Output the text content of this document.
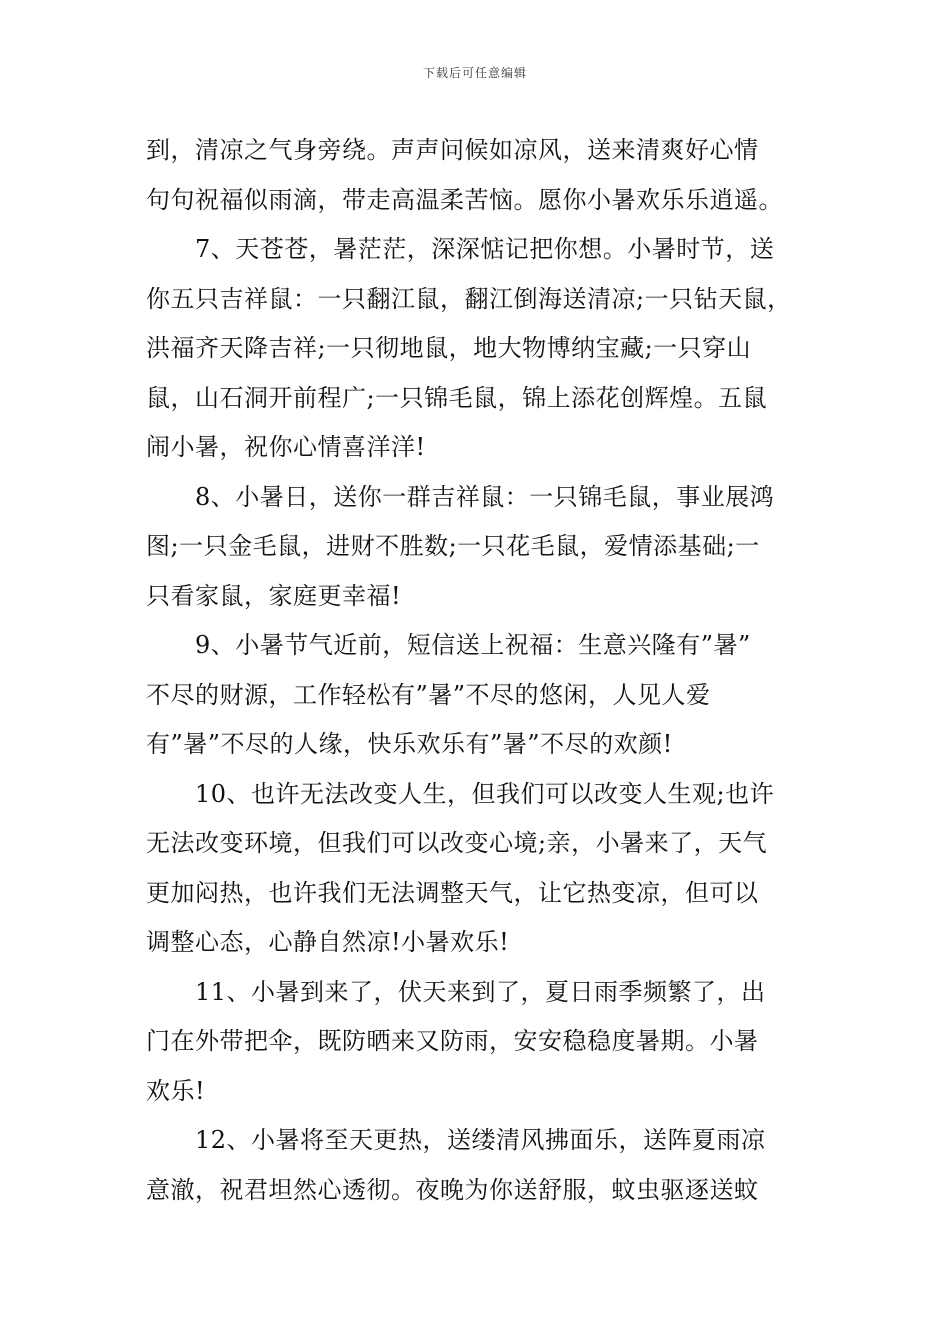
下载后可任意编辑
到，清凉之气身旁绕。声声问候如凉风，送来清爽好心情
句句祝福似雨滴，带走高温柔苦恼。愿你小暑欢乐乐逍遥。
　　7、天苍苍，暑茫茫，深深惦记把你想。小暑时节，送
你五只吉祥鼠：一只翻江鼠，翻江倒海送清凉;一只钻天鼠，
洪福齐天降吉祥;一只彻地鼠，地大物博纳宝藏;一只穿山
鼠，山石洞开前程广;一只锦毛鼠，锦上添花创辉煌。五鼠
闹小暑，祝你心情喜洋洋!
　　8、小暑日，送你一群吉祥鼠：一只锦毛鼠，事业展鸿
图;一只金毛鼠，进财不胜数;一只花毛鼠，爱情添基础;一
只看家鼠，家庭更幸福!
　　9、小暑节气近前，短信送上祝福：生意兴隆有”暑”
不尽的财源，工作轻松有”暑”不尽的悠闲，人见人爱
有”暑”不尽的人缘，快乐欢乐有”暑”不尽的欢颜!
　　10、也许无法改变人生，但我们可以改变人生观;也许
无法改变环境，但我们可以改变心境;亲，小暑来了，天气
更加闷热，也许我们无法调整天气，让它热变凉，但可以
调整心态，心静自然凉!小暑欢乐!
　　11、小暑到来了，伏天来到了，夏日雨季频繁了，出
门在外带把伞，既防晒来又防雨，安安稳稳度暑期。小暑
欢乐!
　　12、小暑将至天更热，送缕清风拂面乐，送阵夏雨凉
意澈，祝君坦然心透彻。夜晚为你送舒服，蚊虫驱逐送蚊
